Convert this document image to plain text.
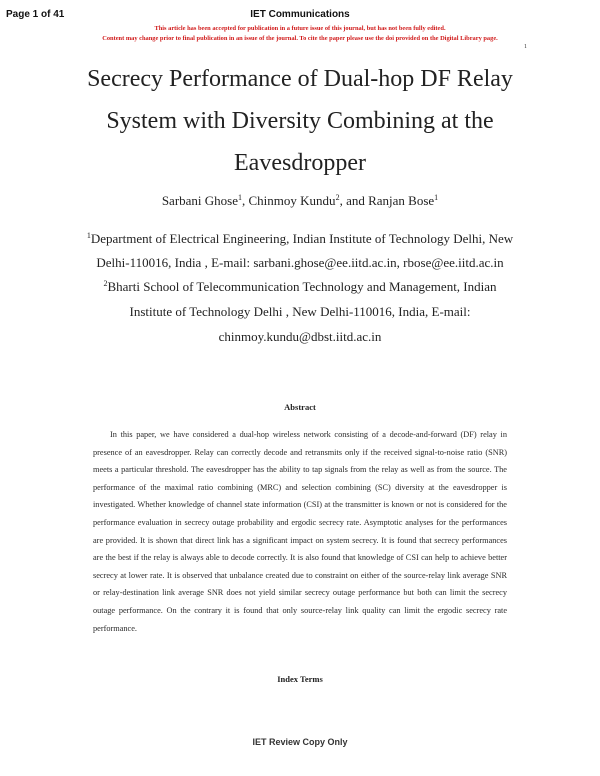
Page 1 of 41	IET Communications
This article has been accepted for publication in a future issue of this journal, but has not been fully edited.
Content may change prior to final publication in an issue of the journal. To cite the paper please use the doi provided on the Digital Library page.
1
Secrecy Performance of Dual-hop DF Relay
System with Diversity Combining at the
Eavesdropper
Sarbani Ghose$^1$, Chinmoy Kundu$^2$, and Ranjan Bose$^1$
$^1$Department of Electrical Engineering, Indian Institute of Technology Delhi, New
Delhi-110016, India , E-mail: sarbani.ghose@ee.iitd.ac.in, rbose@ee.iitd.ac.in
$^2$Bharti School of Telecommunication Technology and Management, Indian
Institute of Technology Delhi , New Delhi-110016, India, E-mail:
chinmoy.kundu@dbst.iitd.ac.in
Abstract
In this paper, we have considered a dual-hop wireless network consisting of a decode-and-forward (DF) relay in presence of an eavesdropper. Relay can correctly decode and retransmits only if the received signal-to-noise ratio (SNR) meets a particular threshold. The eavesdropper has the ability to tap signals from the relay as well as from the source. The performance of the maximal ratio combining (MRC) and selection combining (SC) diversity at the eavesdropper is investigated. Whether knowledge of channel state information (CSI) at the transmitter is known or not is considered for the performance evaluation in secrecy outage probability and ergodic secrecy rate. Asymptotic analyses for the performances are provided. It is shown that direct link has a significant impact on system secrecy. It is found that secrecy performances are the best if the relay is always able to decode correctly. It is also found that knowledge of CSI can help to achieve better secrecy at lower rate. It is observed that unbalance created due to constraint on either of the source-relay link average SNR or relay-destination link average SNR does not yield similar secrecy outage performance but both can limit the secrecy outage performance. On the contrary it is found that only source-relay link quality can limit the ergodic secrecy rate performance.
Index Terms
IET Review Copy Only
